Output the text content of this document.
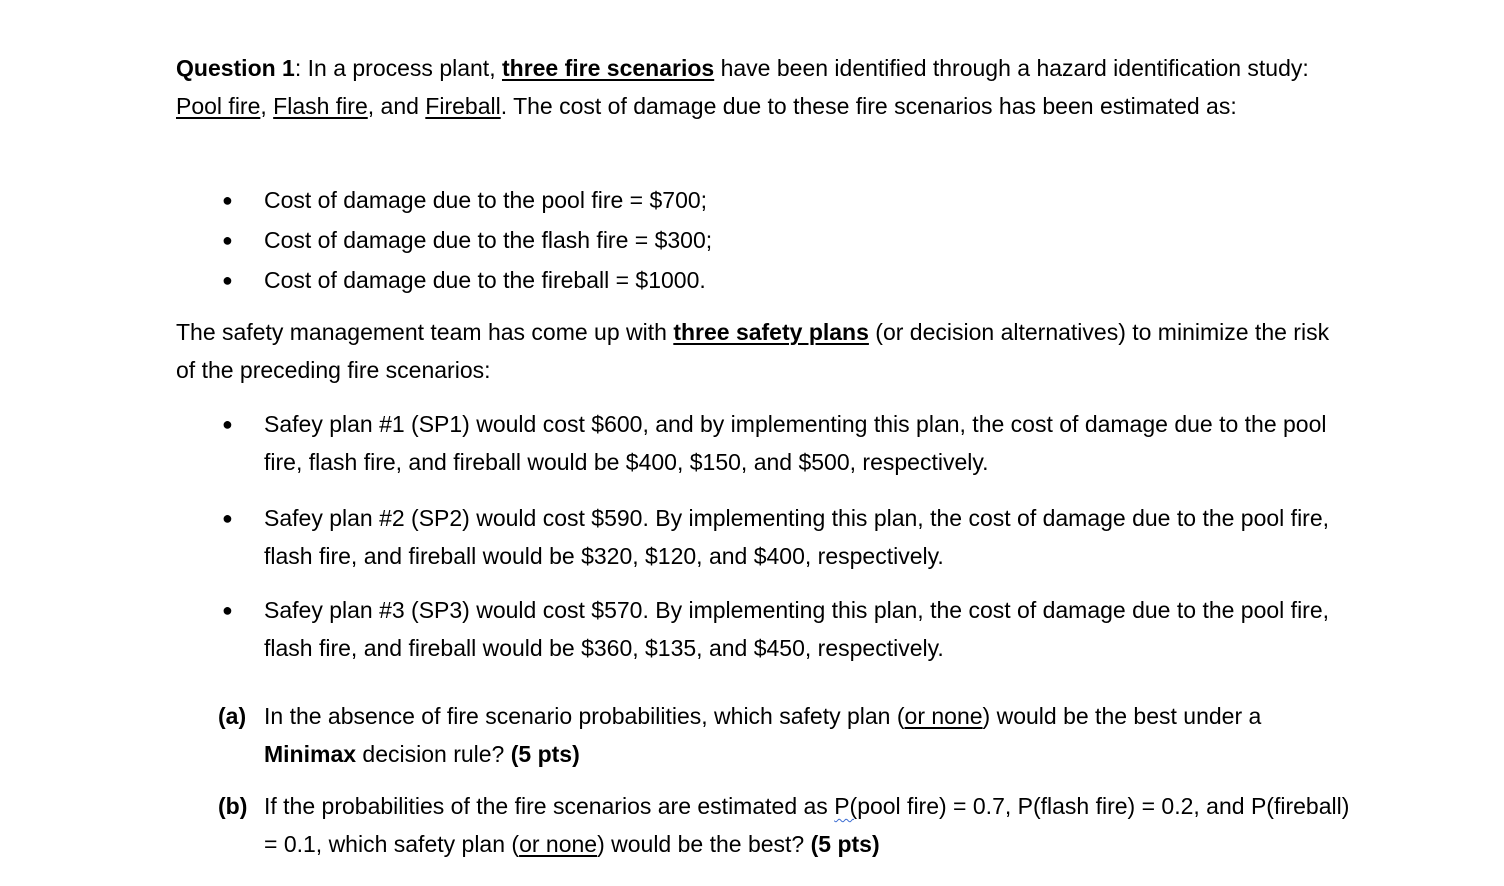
Question 1: In a process plant, three fire scenarios have been identified through a hazard identification study: Pool fire, Flash fire, and Fireball. The cost of damage due to these fire scenarios has been estimated as:

●	Cost of damage due to the pool fire = $700;

●	Cost of damage due to the flash fire = $300;

●	Cost of damage due to the fireball = $1000.

The safety management team has come up with three safety plans (or decision alternatives) to minimize the risk of the preceding fire scenarios:

●	Safey plan #1 (SP1) would cost $600, and by implementing this plan, the cost of damage due to the pool fire, flash fire, and fireball would be $400, $150, and $500, respectively.

●	Safey plan #2 (SP2) would cost $590. By implementing this plan, the cost of damage due to the pool fire, flash fire, and fireball would be $320, $120, and $400, respectively.

●	Safey plan #3 (SP3) would cost $570. By implementing this plan, the cost of damage due to the pool fire, flash fire, and fireball would be $360, $135, and $450, respectively.

(a) In the absence of fire scenario probabilities, which safety plan (or none) would be the best under a Minimax decision rule? (5 pts)

(b) If the probabilities of the fire scenarios are estimated as P(pool fire) = 0.7, P(flash fire) = 0.2, and P(fireball) = 0.1, which safety plan (or none) would be the best? (5 pts)
